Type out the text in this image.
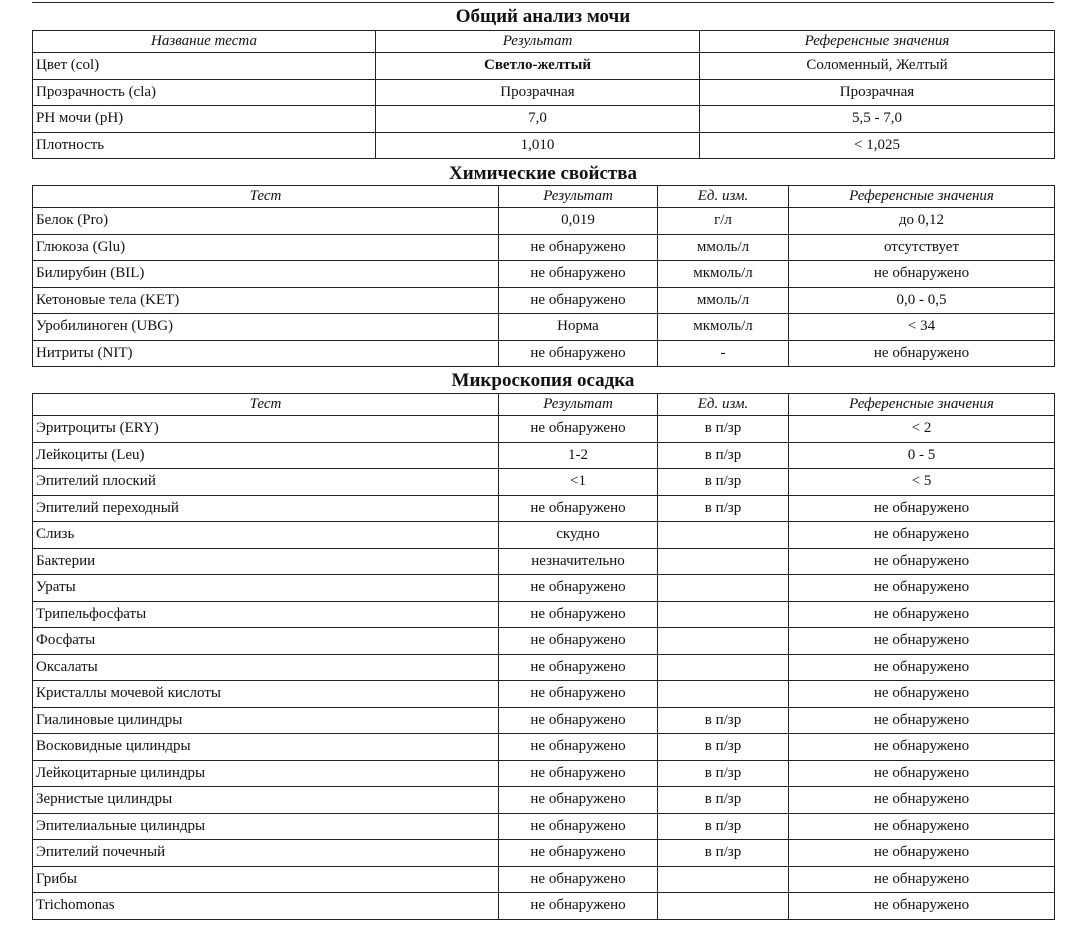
Общий анализ мочи
Название теста	Результат	Референсные значения
Цвет (col)	Светло-желтый	Соломенный, Желтый
Прозрачность (cla)	Прозрачная	Прозрачная
PH мочи (pH)	7,0	5,5 - 7,0
Плотность	1,010	< 1,025
Химические свойства
Тест	Результат	Ед. изм.	Референсные значения
Белок (Pro)	0,019	г/л	до 0,12
Глюкоза (Glu)	не обнаружено	ммоль/л	отсутствует
Билирубин (BIL)	не обнаружено	мкмоль/л	не обнаружено
Кетоновые тела (KET)	не обнаружено	ммоль/л	0,0 - 0,5
Уробилиноген (UBG)	Норма	мкмоль/л	< 34
Нитриты (NIT)	не обнаружено	-	не обнаружено
Микроскопия осадка
Тест	Результат	Ед. изм.	Референсные значения
Эритроциты (ERY)	не обнаружено	в п/зр	< 2
Лейкоциты (Leu)	1-2	в п/зр	0 - 5
Эпителий плоский	<1	в п/зр	< 5
Эпителий переходный	не обнаружено	в п/зр	не обнаружено
Слизь	скудно		не обнаружено
Бактерии	незначительно		не обнаружено
Ураты	не обнаружено		не обнаружено
Трипельфосфаты	не обнаружено		не обнаружено
Фосфаты	не обнаружено		не обнаружено
Оксалаты	не обнаружено		не обнаружено
Кристаллы мочевой кислоты	не обнаружено		не обнаружено
Гиалиновые цилиндры	не обнаружено	в п/зр	не обнаружено
Восковидные цилиндры	не обнаружено	в п/зр	не обнаружено
Лейкоцитарные цилиндры	не обнаружено	в п/зр	не обнаружено
Зернистые цилиндры	не обнаружено	в п/зр	не обнаружено
Эпителиальные цилиндры	не обнаружено	в п/зр	не обнаружено
Эпителий почечный	не обнаружено	в п/зр	не обнаружено
Грибы	не обнаружено		не обнаружено
Trichomonas	не обнаружено		не обнаружено
